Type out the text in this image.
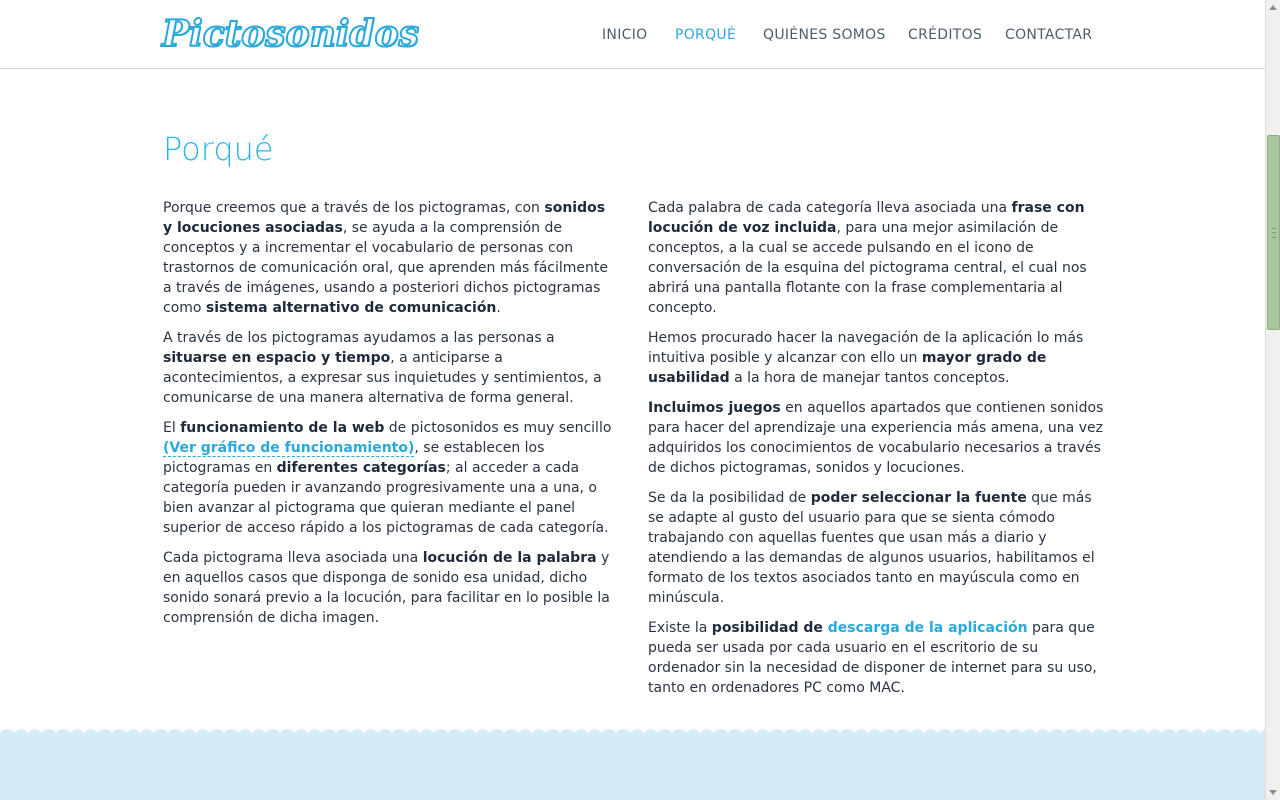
Pictosonidos	INICIO PORQUÉ QUIÉNES SOMOS CRÉDITOS CONTACTAR
Porqué

Porque creemos que a través de los pictogramas, con sonidos y locuciones asociadas, se ayuda a la comprensión de conceptos y a incrementar el vocabulario de personas con trastornos de comunicación oral, que aprenden más fácilmente a través de imágenes, usando a posteriori dichos pictogramas como sistema alternativo de comunicación.

A través de los pictogramas ayudamos a las personas a situarse en espacio y tiempo, a anticiparse a acontecimientos, a expresar sus inquietudes y sentimientos, a comunicarse de una manera alternativa de forma general.

El funcionamiento de la web de pictosonidos es muy sencillo (Ver gráfico de funcionamiento), se establecen los pictogramas en diferentes categorías; al acceder a cada categoría pueden ir avanzando progresivamente una a una, o bien avanzar al pictograma que quieran mediante el panel superior de acceso rápido a los pictogramas de cada categoría.

Cada pictograma lleva asociada una locución de la palabra y en aquellos casos que disponga de sonido esa unidad, dicho sonido sonará previo a la locución, para facilitar en lo posible la comprensión de dicha imagen.

Cada palabra de cada categoría lleva asociada una frase con locución de voz incluida, para una mejor asimilación de conceptos, a la cual se accede pulsando en el icono de conversación de la esquina del pictograma central, el cual nos abrirá una pantalla flotante con la frase complementaria al concepto.

Hemos procurado hacer la navegación de la aplicación lo más intuitiva posible y alcanzar con ello un mayor grado de usabilidad a la hora de manejar tantos conceptos.

Incluimos juegos en aquellos apartados que contienen sonidos para hacer del aprendizaje una experiencia más amena, una vez adquiridos los conocimientos de vocabulario necesarios a través de dichos pictogramas, sonidos y locuciones.

Se da la posibilidad de poder seleccionar la fuente que más se adapte al gusto del usuario para que se sienta cómodo trabajando con aquellas fuentes que usan más a diario y atendiendo a las demandas de algunos usuarios, habilitamos el formato de los textos asociados tanto en mayúscula como en minúscula.

Existe la posibilidad de descarga de la aplicación para que pueda ser usada por cada usuario en el escritorio de su ordenador sin la necesidad de disponer de internet para su uso, tanto en ordenadores PC como MAC.
